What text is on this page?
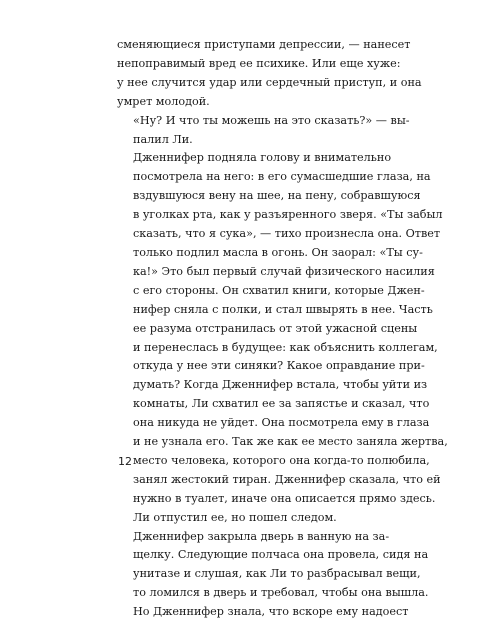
сменяющиеся приступами депрессии, — нанесет
непоправимый вред ее психике. Или еще хуже:
у нее случится удар или сердечный приступ, и она
умрет молодой.

«Ну? И что ты можешь на это сказать?» — вы-
палил Ли.

Дженнифер подняла голову и внимательно
посмотрела на него: в его сумасшедшие глаза, на
вздувшуюся вену на шее, на пену, собравшуюся
в уголках рта, как у разъяренного зверя. «Ты забыл
сказать, что я сука», — тихо произнесла она. Ответ
только подлил масла в огонь. Он заорал: «Ты су-
ка!» Это был первый случай физического насилия
с его стороны. Он схватил книги, которые Джен-
нифер сняла с полки, и стал швырять в нее. Часть
ее разума отстранилась от этой ужасной сцены
и перенеслась в будущее: как объяснить коллегам,
откуда у нее эти синяки? Какое оправдание при-
думать? Когда Дженнифер встала, чтобы уйти из
комнаты, Ли схватил ее за запястье и сказал, что
она никуда не уйдет. Она посмотрела ему в глаза
и не узнала его. Так же как ее место заняла жертва,
место человека, которого она когда-то полюбила,
занял жестокий тиран. Дженнифер сказала, что ей
нужно в туалет, иначе она описается прямо здесь.
Ли отпустил ее, но пошел следом.

Дженнифер закрыла дверь в ванную на за-
щелку. Следующие полчаса она провела, сидя на
унитазе и слушая, как Ли то разбрасывал вещи,
то ломился в дверь и требовал, чтобы она вышла.
Но Дженнифер знала, что вскоре ему надоест

12
